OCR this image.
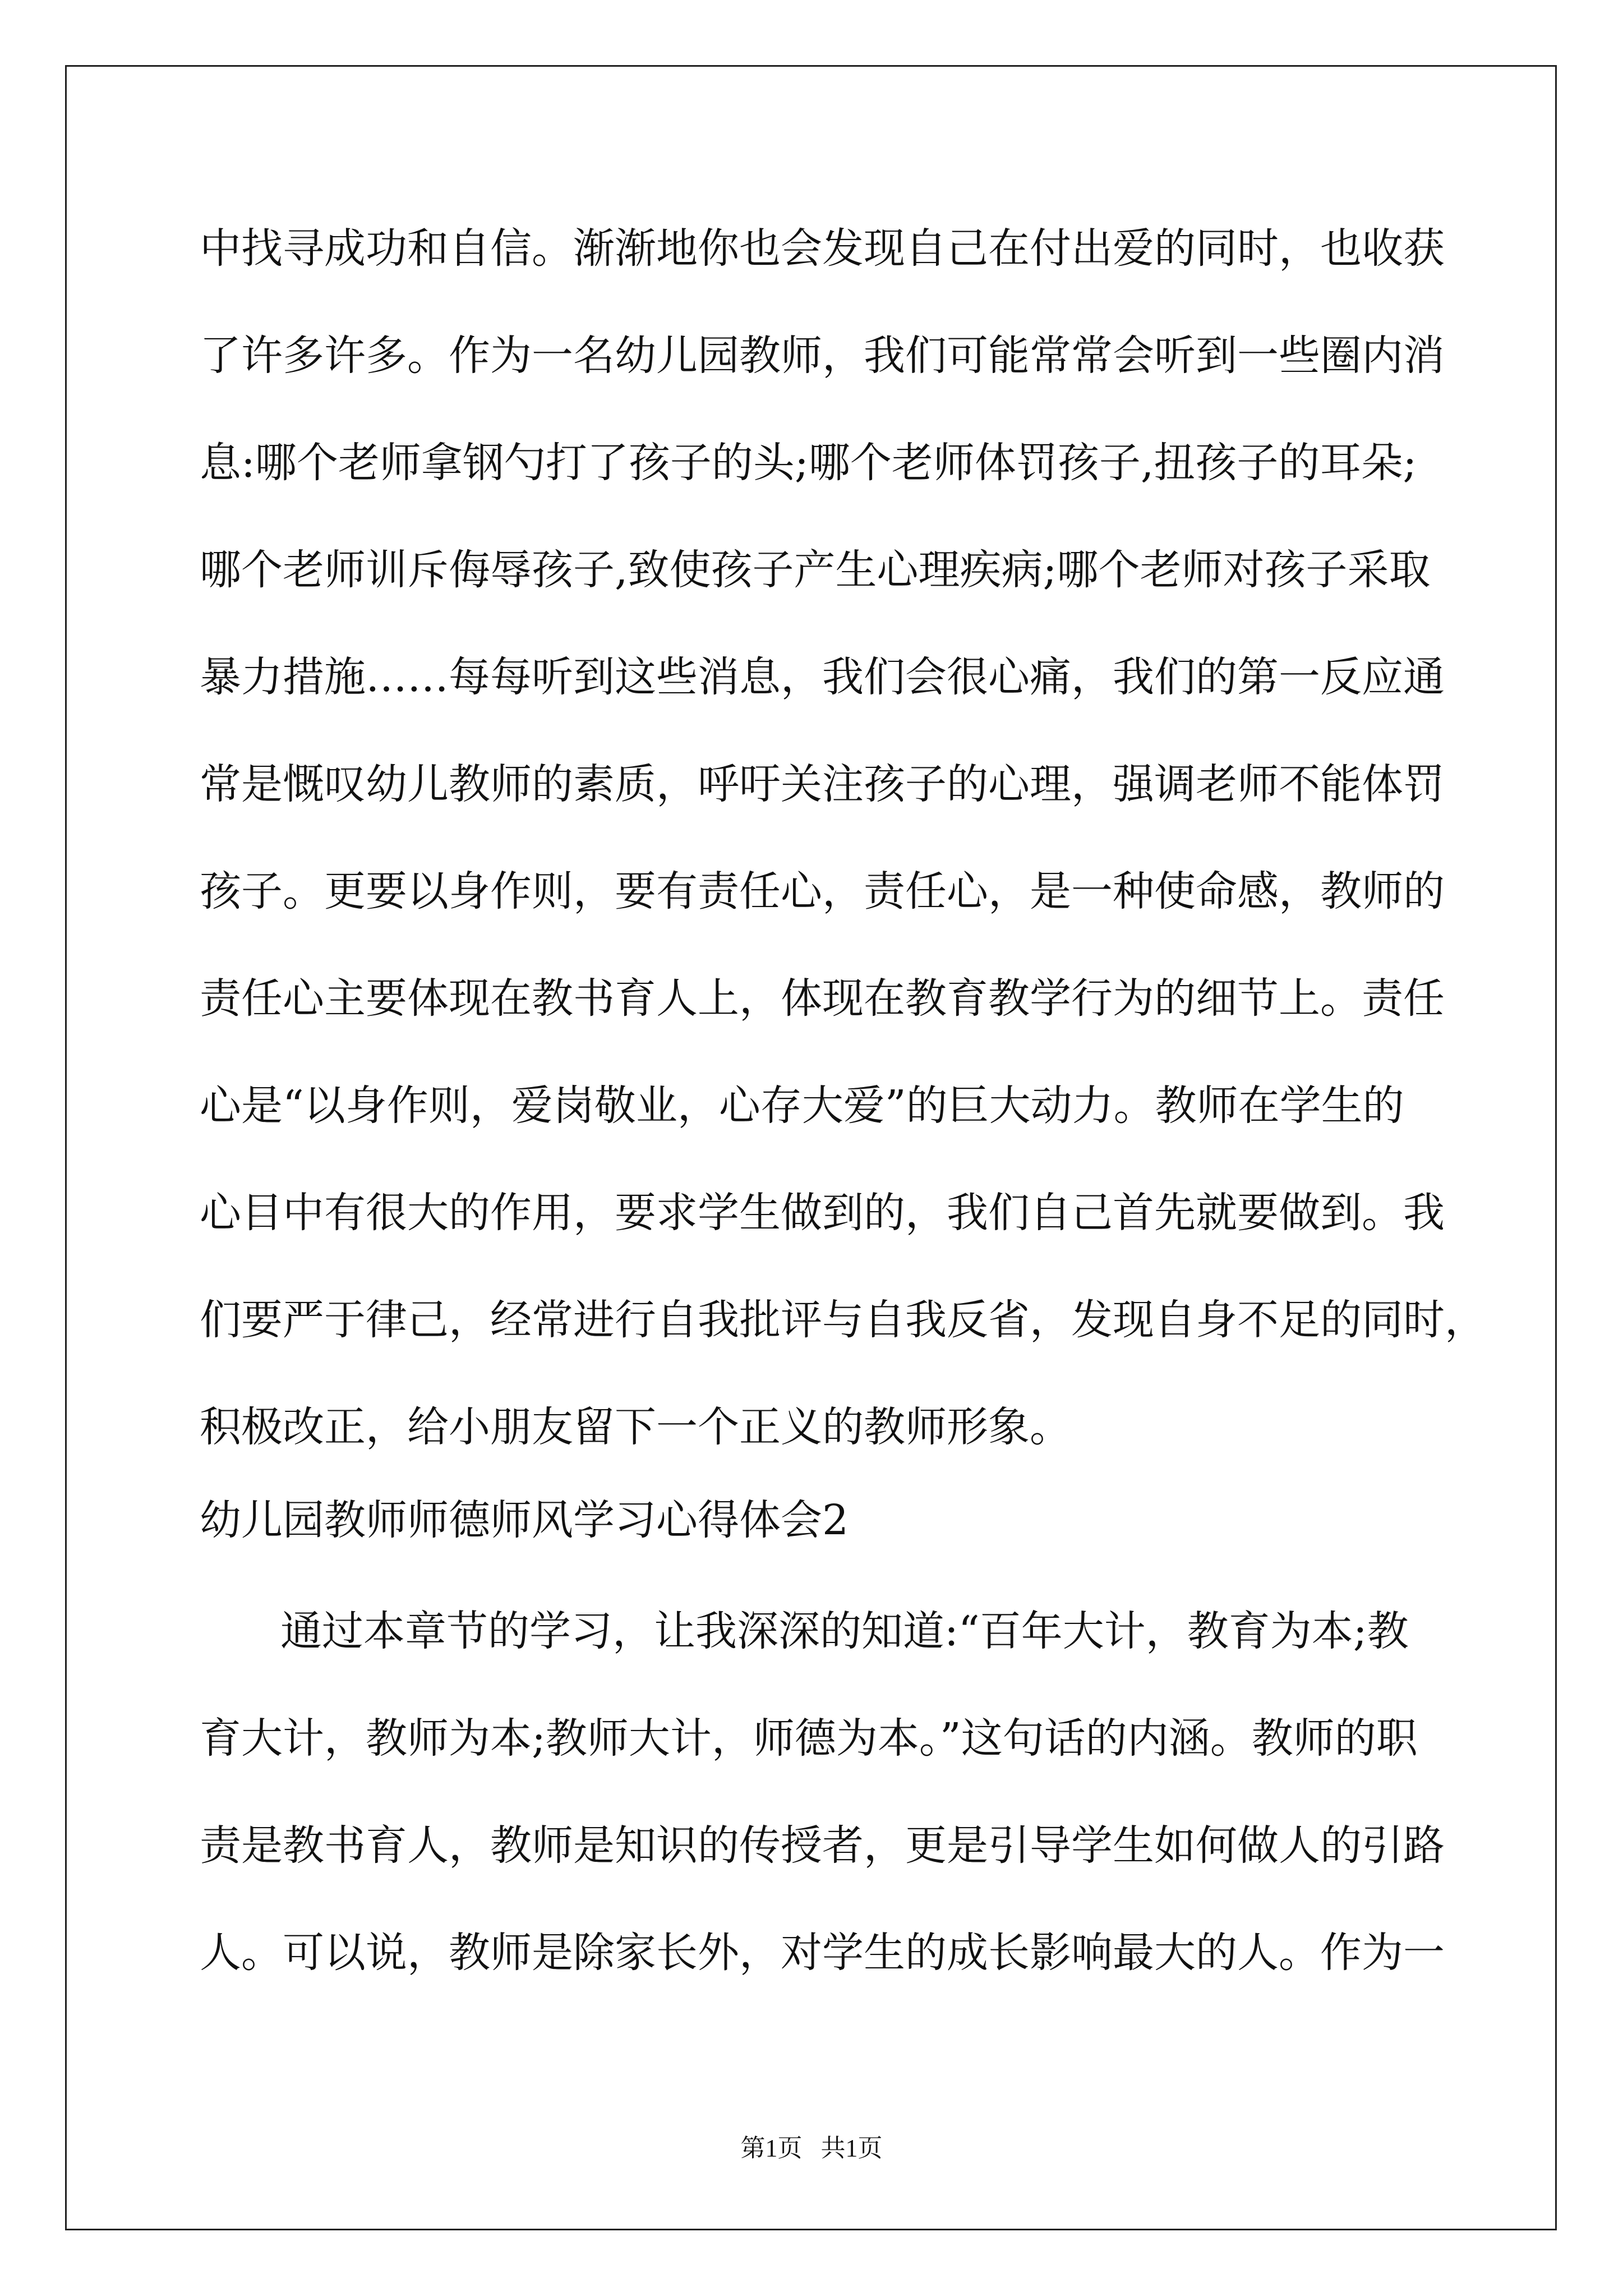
中找寻成功和自信。渐渐地你也会发现自己在付出爱的同时，也收获
了许多许多。作为一名幼儿园教师，我们可能常常会听到一些圈内消
息:哪个老师拿钢勺打了孩子的头;哪个老师体罚孩子,扭孩子的耳朵;
哪个老师训斥侮辱孩子,致使孩子产生心理疾病;哪个老师对孩子采取
暴力措施……每每听到这些消息，我们会很心痛，我们的第一反应通
常是慨叹幼儿教师的素质，呼吁关注孩子的心理，强调老师不能体罚
孩子。更要以身作则，要有责任心，责任心，是一种使命感，教师的
责任心主要体现在教书育人上，体现在教育教学行为的细节上。责任
心是“以身作则，爱岗敬业，心存大爱”的巨大动力。教师在学生的
心目中有很大的作用，要求学生做到的，我们自己首先就要做到。我
们要严于律己，经常进行自我批评与自我反省，发现自身不足的同时，
积极改正，给小朋友留下一个正义的教师形象。
幼儿园教师师德师风学习心得体会2
通过本章节的学习，让我深深的知道:“百年大计，教育为本;教
育大计，教师为本;教师大计，师德为本。”这句话的内涵。教师的职
责是教书育人，教师是知识的传授者，更是引导学生如何做人的引路
人。可以说，教师是除家长外，对学生的成长影响最大的人。作为一
第1页   共1页
